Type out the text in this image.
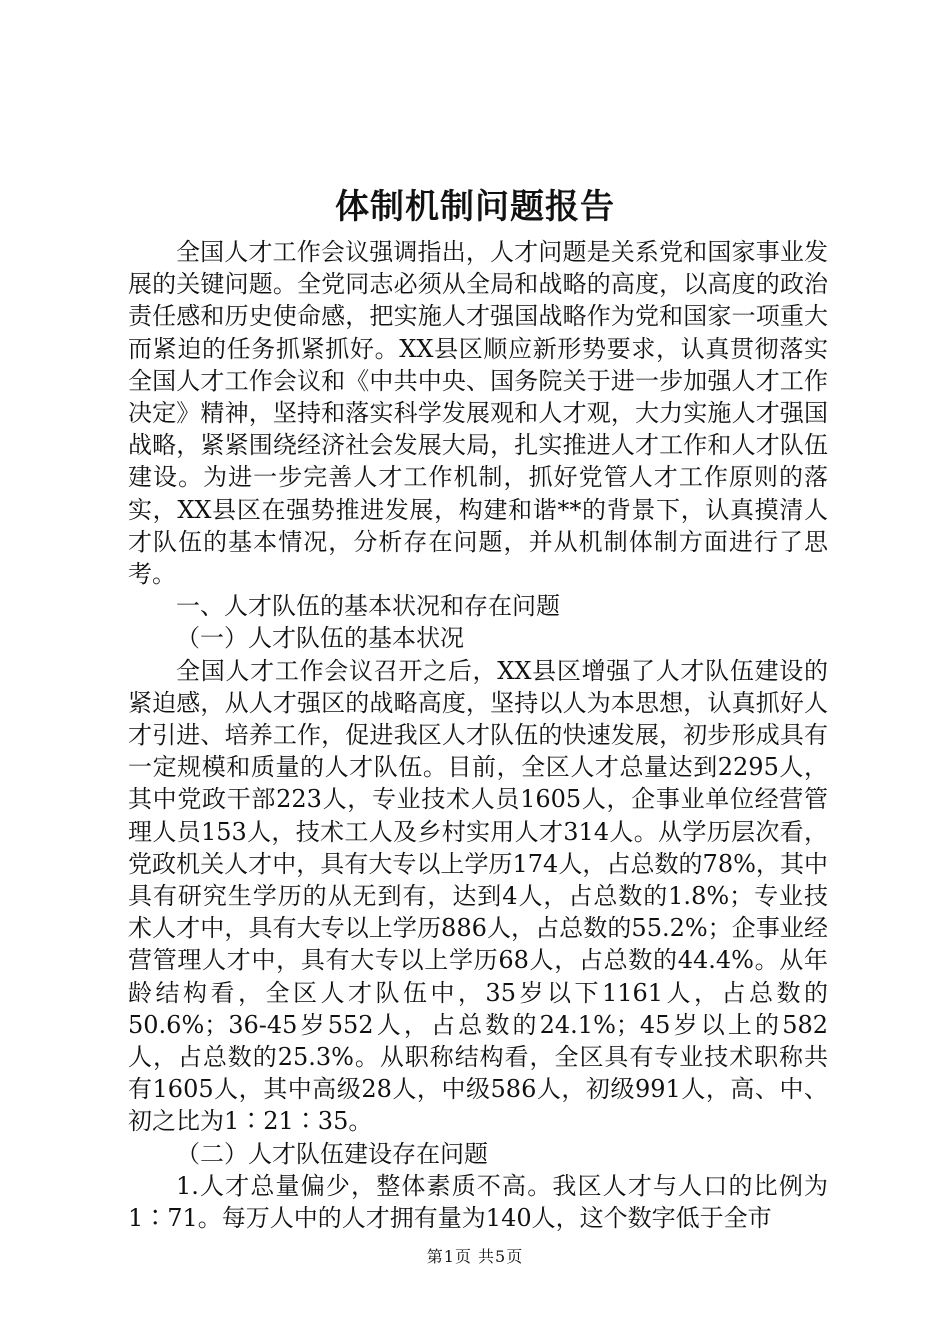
体制机制问题报告

全国人才工作会议强调指出，人才问题是关系党和国家事业发展的关键问题。全党同志必须从全局和战略的高度，以高度的政治责任感和历史使命感，把实施人才强国战略作为党和国家一项重大而紧迫的任务抓紧抓好。XX县区顺应新形势要求，认真贯彻落实全国人才工作会议和《中共中央、国务院关于进一步加强人才工作决定》精神，坚持和落实科学发展观和人才观，大力实施人才强国战略，紧紧围绕经济社会发展大局，扎实推进人才工作和人才队伍建设。为进一步完善人才工作机制，抓好党管人才工作原则的落实，XX县区在强势推进发展，构建和谐**的背景下，认真摸清人才队伍的基本情况，分析存在问题，并从机制体制方面进行了思考。

一、人才队伍的基本状况和存在问题

（一）人才队伍的基本状况

全国人才工作会议召开之后，XX县区增强了人才队伍建设的紧迫感，从人才强区的战略高度，坚持以人为本思想，认真抓好人才引进、培养工作，促进我区人才队伍的快速发展，初步形成具有一定规模和质量的人才队伍。目前，全区人才总量达到2295人，其中党政干部223人，专业技术人员1605人，企事业单位经营管理人员153人，技术工人及乡村实用人才314人。从学历层次看，党政机关人才中，具有大专以上学历174人，占总数的78%，其中具有研究生学历的从无到有，达到4人，占总数的1.8%；专业技术人才中，具有大专以上学历886人，占总数的55.2%；企事业经营管理人才中，具有大专以上学历68人，占总数的44.4%。从年龄结构看，全区人才队伍中，35岁以下1161人，占总数的50.6%；36-45岁552人，占总数的24.1%；45岁以上的582人，占总数的25.3%。从职称结构看，全区具有专业技术职称共有1605人，其中高级28人，中级586人，初级991人，高、中、初之比为1∶21∶35。

（二）人才队伍建设存在问题

1.人才总量偏少，整体素质不高。我区人才与人口的比例为1∶71。每万人中的人才拥有量为140人，这个数字低于全市

第1页 共5页
